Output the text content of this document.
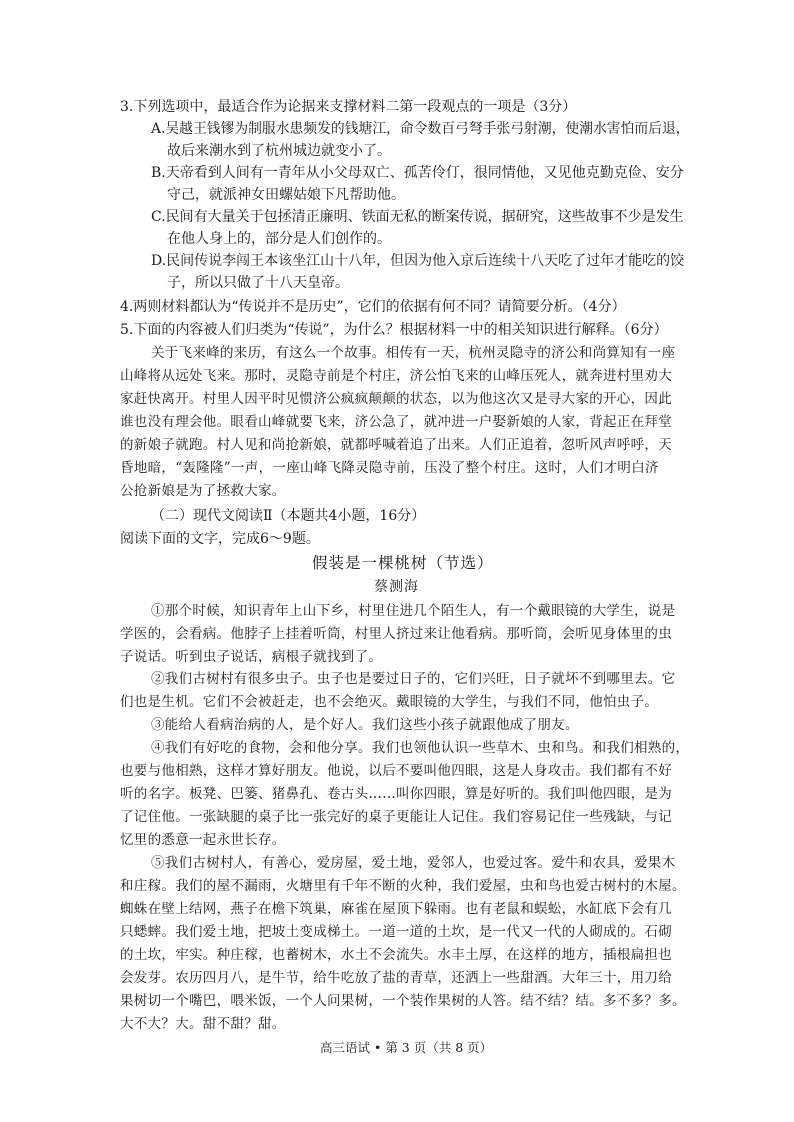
3.下列选项中，最适合作为论据来支撑材料二第一段观点的一项是（3分）
A.吴越王钱镠为制服水患频发的钱塘江，命令数百弓弩手张弓射潮，使潮水害怕而后退，
故后来潮水到了杭州城边就变小了。
B.天帝看到人间有一青年从小父母双亡、孤苦伶仃，很同情他，又见他克勤克俭、安分
守己，就派神女田螺姑娘下凡帮助他。
C.民间有大量关于包拯清正廉明、铁面无私的断案传说，据研究，这些故事不少是发生
在他人身上的，部分是人们创作的。
D.民间传说李闯王本该坐江山十八年，但因为他入京后连续十八天吃了过年才能吃的饺
子，所以只做了十八天皇帝。
4.两则材料都认为“传说并不是历史”，它们的依据有何不同？请简要分析。（4分）
5.下面的内容被人们归类为“传说”，为什么？根据材料一中的相关知识进行解释。（6分）
关于飞来峰的来历，有这么一个故事。相传有一天，杭州灵隐寺的济公和尚算知有一座
山峰将从远处飞来。那时，灵隐寺前是个村庄，济公怕飞来的山峰压死人，就奔进村里劝大
家赶快离开。村里人因平时见惯济公疯疯颠颠的状态，以为他这次又是寻大家的开心，因此
谁也没有理会他。眼看山峰就要飞来，济公急了，就冲进一户娶新娘的人家，背起正在拜堂
的新娘子就跑。村人见和尚抢新娘，就都呼喊着追了出来。人们正追着，忽听风声呼呼，天
昏地暗，“轰隆隆”一声，一座山峰飞降灵隐寺前，压没了整个村庄。这时，人们才明白济
公抢新娘是为了拯救大家。
（二）现代文阅读Ⅱ（本题共4小题，16分）
阅读下面的文字，完成6～9题。
假装是一棵桃树（节选）
蔡测海
①那个时候，知识青年上山下乡，村里住进几个陌生人，有一个戴眼镜的大学生，说是
学医的，会看病。他脖子上挂着听筒，村里人挤过来让他看病。那听筒，会听见身体里的虫
子说话。听到虫子说话，病根子就找到了。
②我们古树村有很多虫子。虫子也是要过日子的，它们兴旺，日子就坏不到哪里去。它
们也是生机。它们不会被赶走，也不会绝灭。戴眼镜的大学生，与我们不同，他怕虫子。
③能给人看病治病的人，是个好人。我们这些小孩子就跟他成了朋友。
④我们有好吃的食物，会和他分享。我们也领他认识一些草木、虫和鸟。和我们相熟的，
也要与他相熟，这样才算好朋友。他说，以后不要叫他四眼，这是人身攻击。我们都有不好
听的名字。板凳、巴篓、猪鼻孔、卷古头……叫你四眼，算是好听的。我们叫他四眼，是为
了记住他。一张缺腿的桌子比一张完好的桌子更能让人记住。我们容易记住一些残缺，与记
忆里的悉意一起永世长存。
⑤我们古树村人，有善心，爱房屋，爱土地，爱邻人，也爱过客。爱牛和农具，爱果木
和庄稼。我们的屋不漏雨，火塘里有千年不断的火种，我们爱屋，虫和鸟也爱古树村的木屋。
蜘蛛在壁上结网，燕子在檐下筑巢，麻雀在屋顶下躲雨。也有老鼠和蜈蚣，水缸底下会有几
只蟋蟀。我们爱土地，把坡土变成梯土。一道一道的土坎，是一代又一代的人砌成的。石砌
的土坎，牢实。种庄稼，也蓄树木，水土不会流失。水丰土厚，在这样的地方，插根扁担也
会发芽。农历四月八，是牛节，给牛吃放了盐的青草，还洒上一些甜酒。大年三十，用刀给
果树切一个嘴巴，喂米饭，一个人问果树，一个装作果树的人答。结不结？结。多不多？多。
大不大？大。甜不甜？甜。
高三语试 • 第 3 页（共 8 页）
